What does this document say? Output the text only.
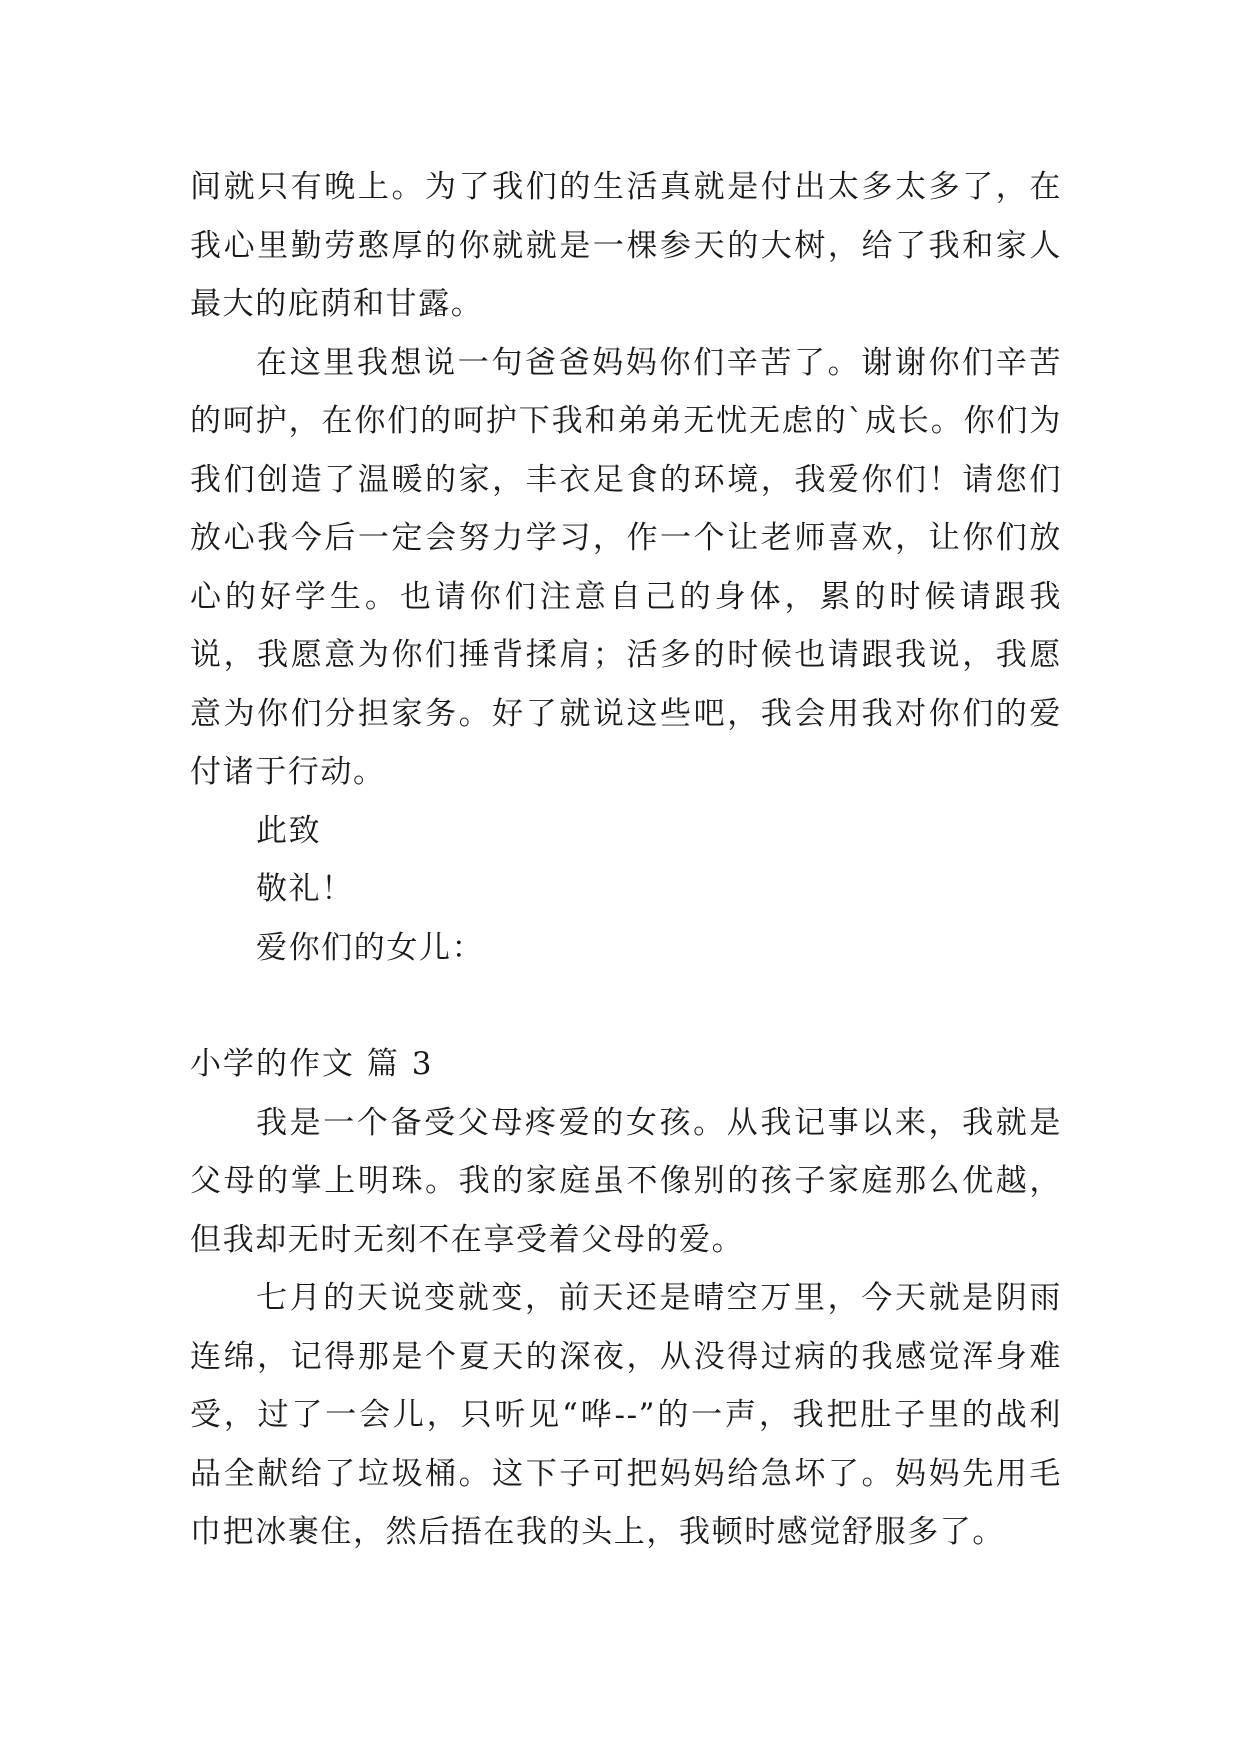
间就只有晚上。为了我们的生活真就是付出太多太多了，在我心里勤劳憨厚的你就就是一棵参天的大树，给了我和家人最大的庇荫和甘露。

在这里我想说一句爸爸妈妈你们辛苦了。谢谢你们辛苦的呵护，在你们的呵护下我和弟弟无忧无虑的`成长。你们为我们创造了温暖的家，丰衣足食的环境，我爱你们！请您们放心我今后一定会努力学习，作一个让老师喜欢，让你们放心的好学生。也请你们注意自己的身体，累的时候请跟我说，我愿意为你们捶背揉肩；活多的时候也请跟我说，我愿意为你们分担家务。好了就说这些吧，我会用我对你们的爱付诸于行动。

此致

敬礼！

爱你们的女儿：

小学的作文 篇 3

我是一个备受父母疼爱的女孩。从我记事以来，我就是父母的掌上明珠。我的家庭虽不像别的孩子家庭那么优越，但我却无时无刻不在享受着父母的爱。

七月的天说变就变，前天还是晴空万里，今天就是阴雨连绵，记得那是个夏天的深夜，从没得过病的我感觉浑身难受，过了一会儿，只听见“哗--”的一声，我把肚子里的战利品全献给了垃圾桶。这下子可把妈妈给急坏了。妈妈先用毛巾把冰裹住，然后捂在我的头上，我顿时感觉舒服多了。
